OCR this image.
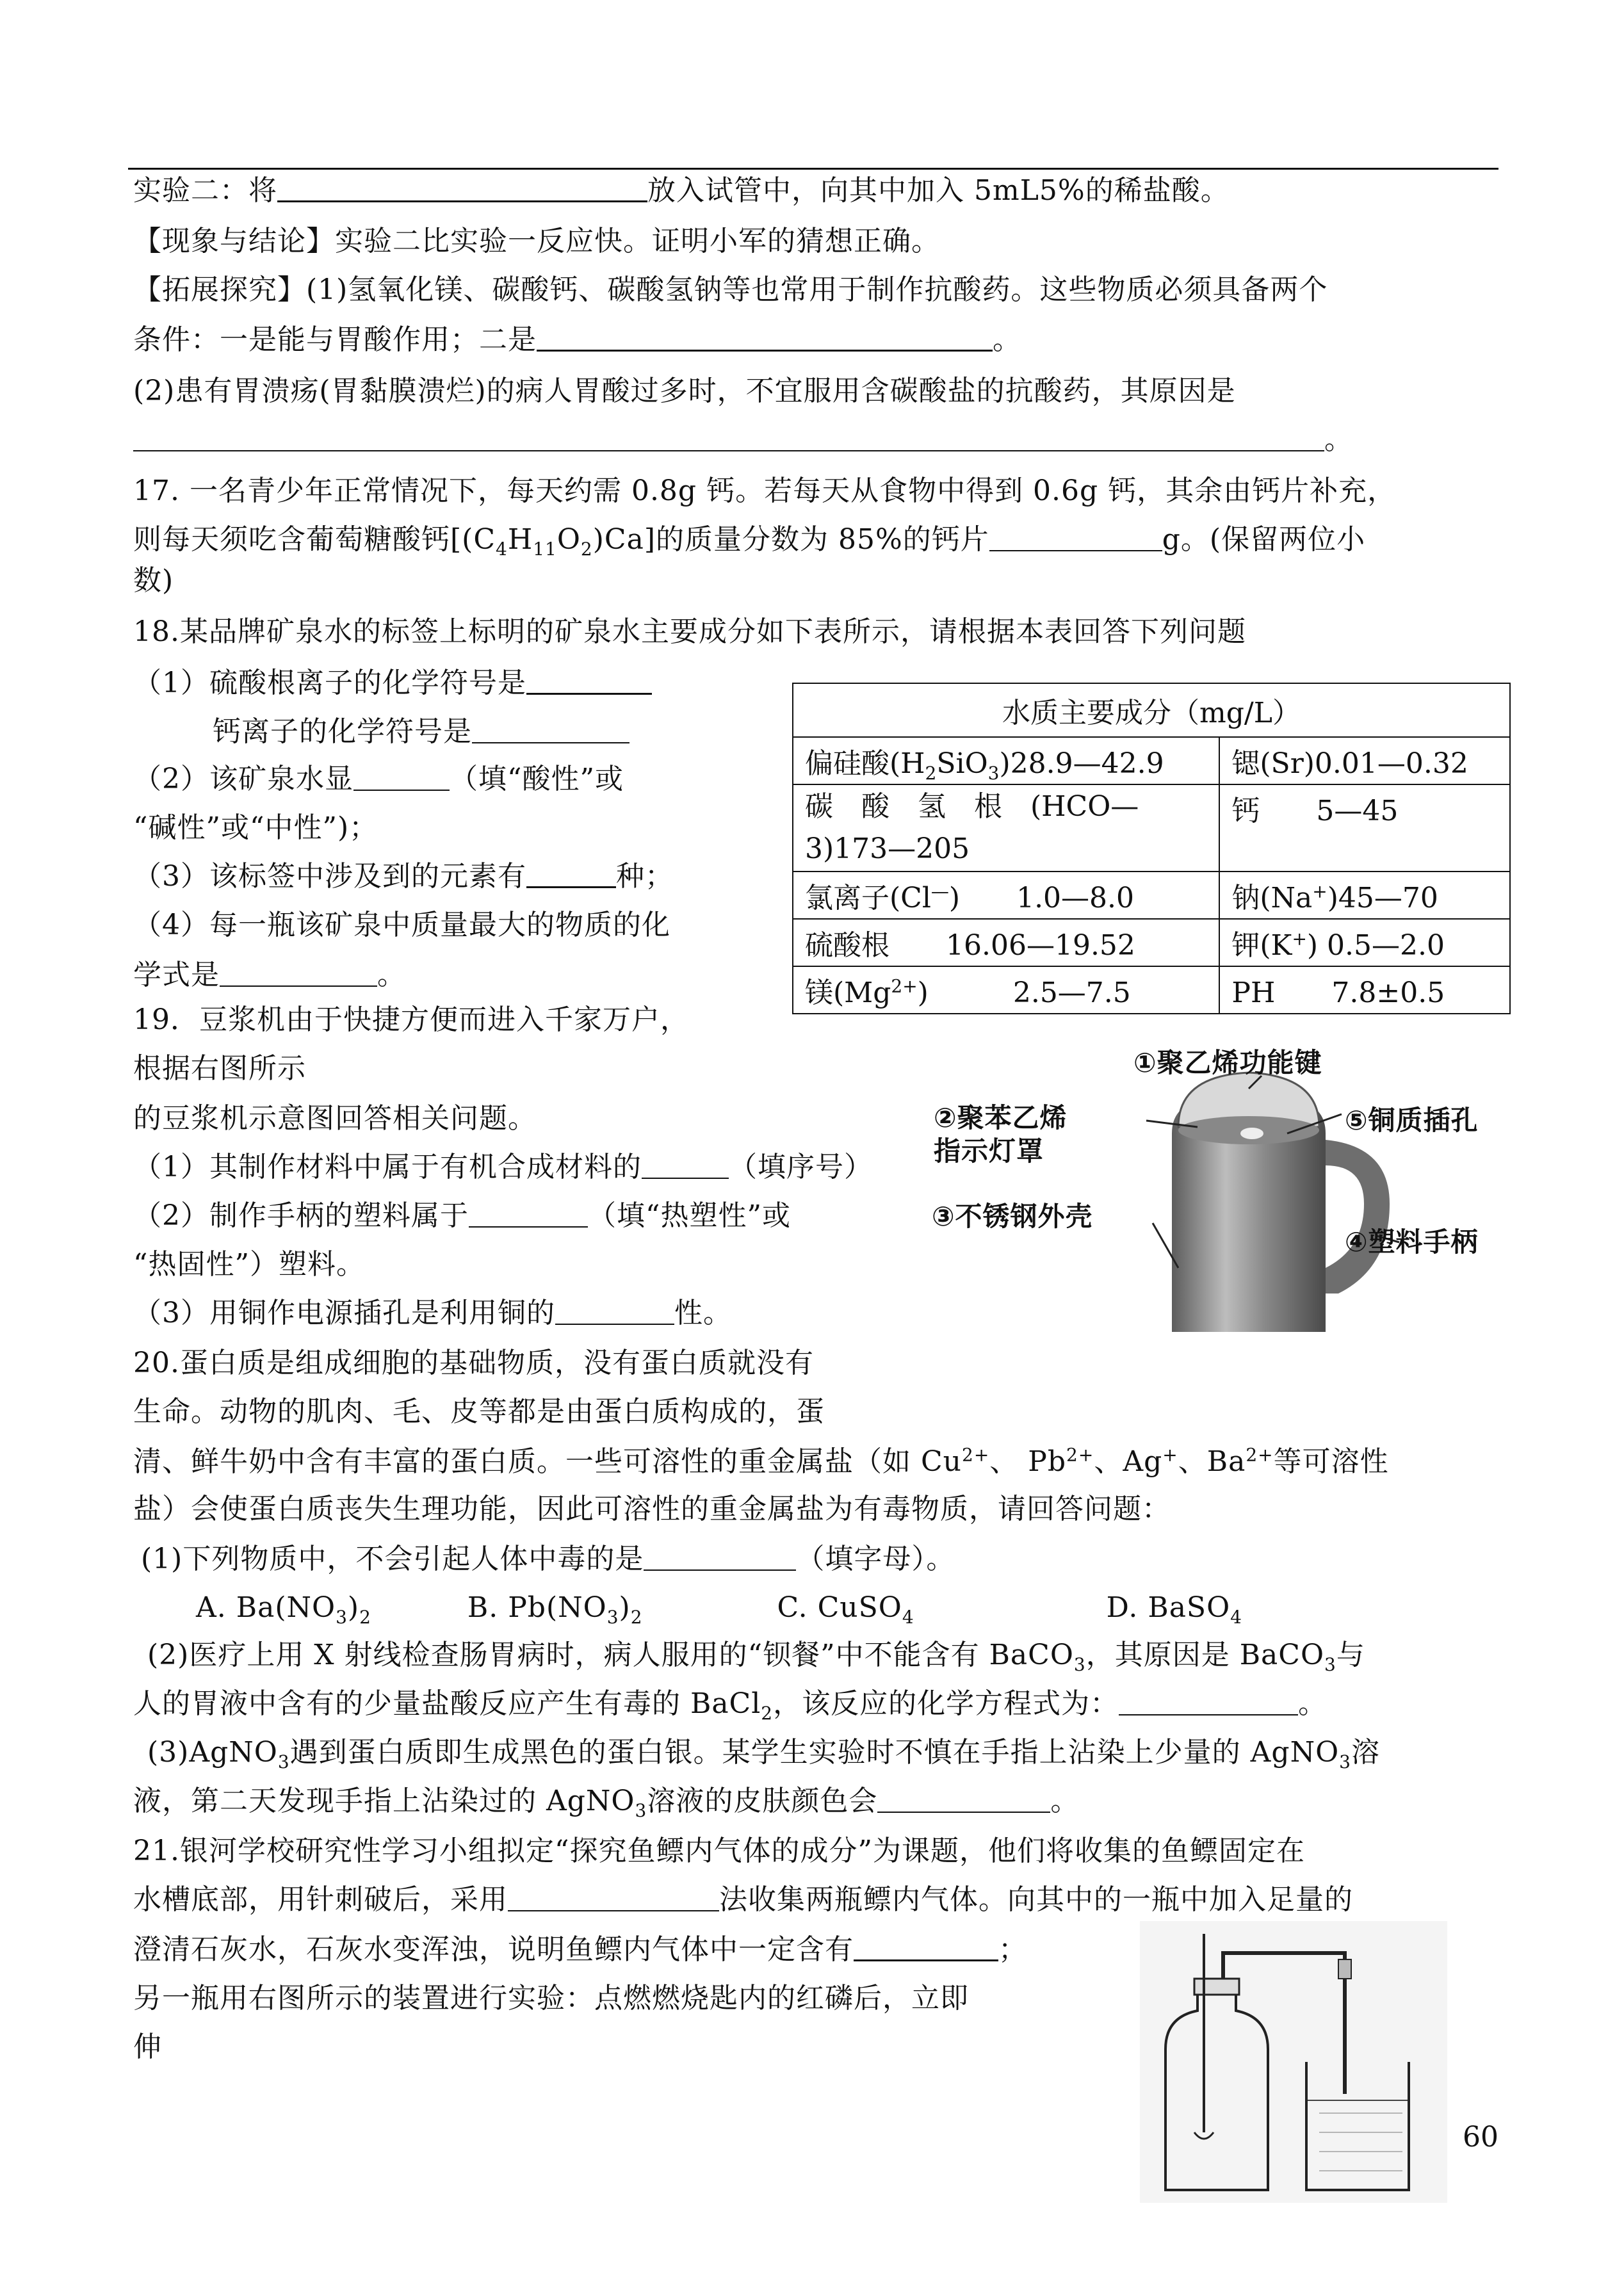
实验二：将	放入试管中，向其中加入 5mL5%的稀盐酸。
【现象与结论】实验二比实验一反应快。证明小军的猜想正确。
【拓展探究】(1)氢氧化镁、碳酸钙、碳酸氢钠等也常用于制作抗酸药。这些物质必须具备两个
条件：一是能与胃酸作用；二是	。
(2)患有胃溃疡(胃黏膜溃烂)的病人胃酸过多时，不宜服用含碳酸盐的抗酸药，其原因是
。
17. 一名青少年正常情况下，每天约需 0.8g 钙。若每天从食物中得到 0.6g 钙，其余由钙片补充，
则每天须吃含葡萄糖酸钙$[(C_4H_{11}O_2)Ca]$的质量分数为 85%的钙片	g。(保留两位小
数)
18.某品牌矿泉水的标签上标明的矿泉水主要成分如下表所示，请根据本表回答下列问题
（1）硫酸根离子的化学符号是
钙离子的化学符号是
（2）该矿泉水显	（填“酸性”或
“碱性”或“中性”)；
（3）该标签中涉及到的元素有	种；
（4）每一瓶该矿泉中质量最大的物质的化
学式是	。
水质主要成分（mg/L）	
偏硅酸$(H_2SiO_3)28.9—42.9$	锶(Sr)0.01—0.32

碳　酸　氢　根　(HCO—
3)173—205	钙　　5—45
氯离子(Cl—)　　1.0—8.0	钠(Na+)45—70
硫酸根　　16.06—19.52	钾(K+) 0.5—2.0
镁$(Mg^{2+})$　　　2.5—7.5	PH　　7.8±0.5
19．豆浆机由于快捷方便而进入千家万户，
根据右图所示
的豆浆机示意图回答相关问题。
（1）其制作材料中属于有机合成材料的	（填序号）
（2）制作手柄的塑料属于	（填“热塑性”或
“热固性”）塑料。
（3）用铜作电源插孔是利用铜的	性。
①聚乙烯功能键
②聚苯乙烯
指示灯罩
⑤铜质插孔
③不锈钢外壳
④塑料手柄
20.蛋白质是组成细胞的基础物质，没有蛋白质就没有
生命。动物的肌肉、毛、皮等都是由蛋白质构成的，蛋
清、鲜牛奶中含有丰富的蛋白质。一些可溶性的重金属盐（如 $Cu^{2+}$、 $Pb^{2+}$、Ag+、$Ba^{2+}$等可溶性
盐）会使蛋白质丧失生理功能，因此可溶性的重金属盐为有毒物质，请回答问题：
(1)下列物质中，不会引起人体中毒的是	（填字母）。
A. $Ba(NO_3)_2$	B. $Pb(NO_3)_2$	C. CuSO$_4$	D. BaSO$_4$
(2)医疗上用 X 射线检查肠胃病时，病人服用的“钡餐”中不能含有 BaCO$_3$，其原因是 BaCO$_3$与
人的胃液中含有的少量盐酸反应产生有毒的 BaCl$_2$，该反应的化学方程式为：	。
(3)AgNO$_3$遇到蛋白质即生成黑色的蛋白银。某学生实验时不慎在手指上沾染上少量的 AgNO$_3$溶
液，第二天发现手指上沾染过的 AgNO$_3$溶液的皮肤颜色会	。
21.银河学校研究性学习小组拟定“探究鱼鳔内气体的成分”为课题，他们将收集的鱼鳔固定在
水槽底部，用针刺破后，采用	法收集两瓶鳔内气体。向其中的一瓶中加入足量的
澄清石灰水，石灰水变浑浊，说明鱼鳔内气体中一定含有	；
另一瓶用右图所示的装置进行实验：点燃燃烧匙内的红磷后，立即
伸
60
